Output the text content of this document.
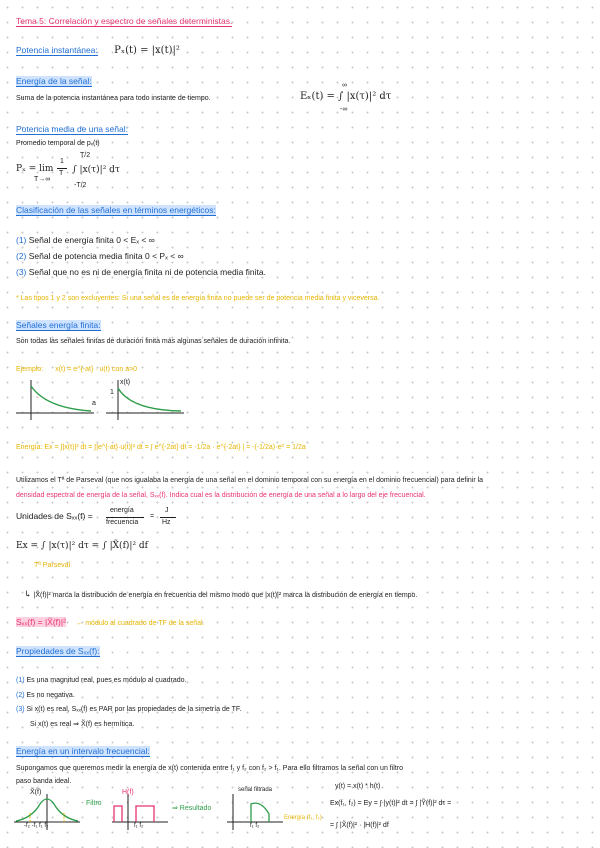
Tema 5: Correlación y espectro de señales deterministas.
Potencia instantánea: Pₓ(t) = |x(t)|²
Energía de la señal:
Suma de la potencia instantánea para todo instante de tiempo.	Eₓ(t) = ∫ |x(τ)|² dτ
∞
-∞
Potencia media de una señal:
Promedio temporal de pₓ(t)
Pₓ = lim
T→∞
1
T ∫ |x(τ)|² dτ
T/2
-T/2
Clasificación de las señales en términos energéticos:
(1) Señal de energía finita 0 < Eₓ < ∞
(2) Señal de potencia media finita 0 < Pₓ < ∞
(3) Señal que no es ni de energía finita ni de potencia media finita.
* Las tipos 1 y 2 son excluyentes: Si una señal es de energía finita no puede ser de potencia media finita y viceversa.
Señales energía finita:
Son todas las señales finitas de duración finita más algunas señales de duración infinita.
Ejemplo: x(t) = e^{-at} · u(t) con a>0
a
x(t)
1
Energía: Ex = ∫|x(t)|² dt = ∫|e^{-at}·u(t)|² dt = ∫ e^{-2at} dt = -1/2a · e^{-2at} | = -(-1/2a)·e⁰ = 1/2a
Utilizamos el Tª de Parseval (que nos igualaba la energía de una señal en el dominio temporal con su energía en el dominio frecuencial) para definir la
densidad espectral de energía de la señal, Sₓₓ(f). Indica cual es la distribución de energía de una señal a lo largo del eje frecuencial.
Unidades de Sₓₓ(f) =
energía
frecuencia
=
J
Hz
Ex = ∫ |x(τ)|² dτ = ∫ |X̃(f)|² df
Tª Parseval
↳ |X̃(f)|² marca la distribución de energía en frecuencia del mismo modo que |x(t)|² marca la distribución de energía en tiempo.
Sₓₓ(f) = |X̃(f)|² ← módulo al cuadrado de TF de la señal.
Propiedades de Sₓₓ(f):
(1) Es una magnitud real, pues es módulo al cuadrado.
(2) Es no negativa.
(3) Si x(t) es real, Sₓₓ(f) es PAR por las propiedades de la simetría de TF.
Si x(t) es real ⇒ X̃(f) es hermítica.
Energía en un intervalo frecuencial:
Supongamos que queremos medir la energía de x(t) contenida entre f₁ y f₂ con f₂ > f₁. Para ello filtramos la señal con un filtro
paso banda ideal.
X̃(f)
-f₂ -f₁ f₁ f₂
Filtro
H(f)
f₁ f₂
⇒ Resultado
señal filtrada
f₁ f₂
Energía (f₁, f₂)
y(t) = x(t) * h(t)
Ex(f₁, f₂) = Ey = ∫ |y(t)|² dt = ∫ |Ỹ(f)|² dτ =
= ∫ |X̃(f)|² · |H(f)|² df
